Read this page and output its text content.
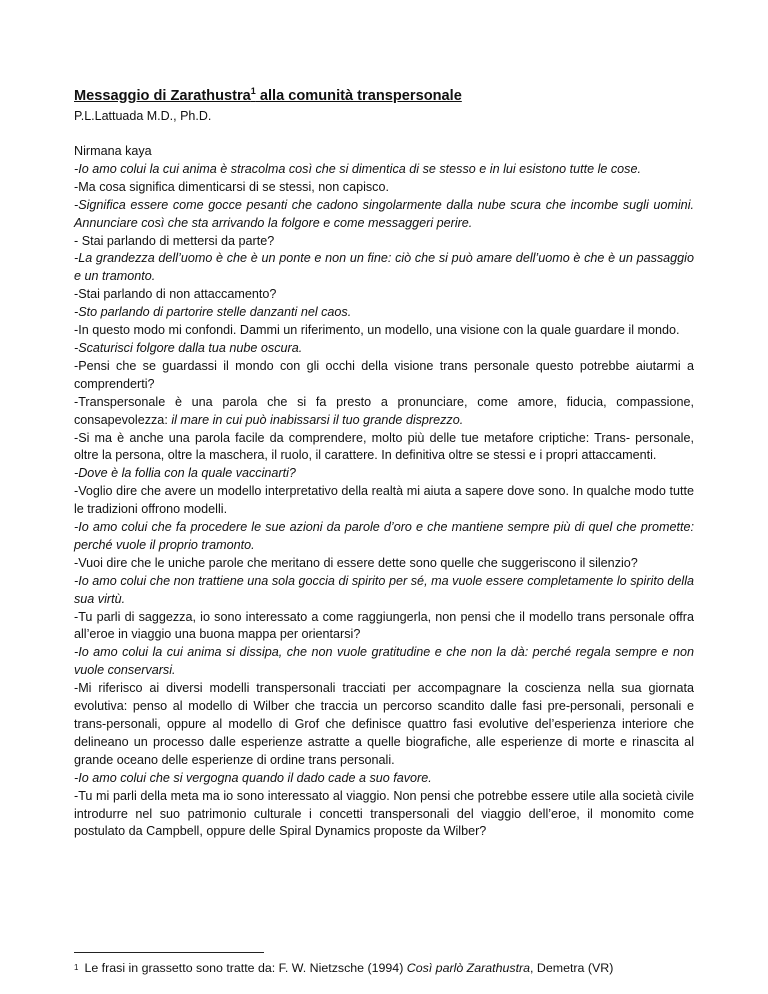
Messaggio di Zarathustra$^1$ alla comunità transpersonale

P.L.Lattuada M.D., Ph.D.

Nirmana kaya

-Io amo colui la cui anima è stracolma così che si dimentica di se stesso e in lui esistono tutte le cose.

-Ma cosa significa dimenticarsi di se stessi, non capisco.

-Significa essere come gocce pesanti che cadono singolarmente dalla nube scura che incombe sugli uomini. Annunciare così che sta arrivando la folgore e come messaggeri perire.

- Stai parlando di mettersi da parte?

-La grandezza dell’uomo è che è un ponte e non un fine: ciò che si può amare dell’uomo è che è un passaggio e un tramonto.

-Stai parlando di non attaccamento?

-Sto parlando di partorire stelle danzanti nel caos.

-In questo modo mi confondi. Dammi un riferimento, un modello, una visione con la quale guardare il mondo.

-Scaturisci folgore dalla tua nube oscura.

-Pensi che se guardassi il mondo con gli occhi della visione trans personale questo potrebbe aiutarmi a comprenderti?

-Transpersonale è una parola che si fa presto a pronunciare, come amore, fiducia, compassione, consapevolezza: il mare in cui può inabissarsi il tuo grande disprezzo.

-Si ma è anche una parola facile da comprendere, molto più delle tue metafore criptiche: Trans- personale, oltre la persona, oltre la maschera, il ruolo, il carattere. In definitiva oltre se stessi e i propri attaccamenti.

-Dove è la follia con la quale vaccinarti?

-Voglio dire che avere un modello interpretativo della realtà mi aiuta a sapere dove sono. In qualche modo tutte le tradizioni offrono modelli.

-Io amo colui che fa procedere le sue azioni da parole d’oro e che mantiene sempre più di quel che promette: perché vuole il proprio tramonto.

-Vuoi dire che le uniche parole che meritano di essere dette sono quelle che suggeriscono il silenzio?

-Io amo colui che non trattiene una sola goccia di spirito per sé, ma vuole essere completamente lo spirito della sua virtù.

-Tu parli di saggezza, io sono interessato a come raggiungerla, non pensi che il modello trans personale offra all’eroe in viaggio una buona mappa per orientarsi?

-Io amo colui la cui anima si dissipa, che non vuole gratitudine e che non la dà: perché regala sempre e non vuole conservarsi.

-Mi riferisco ai diversi modelli transpersonali tracciati per accompagnare la coscienza nella sua giornata evolutiva: penso al modello di Wilber che traccia un percorso scandito dalle fasi pre-personali, personali e trans-personali, oppure al modello di Grof che definisce quattro fasi evolutive del’esperienza interiore che delineano un processo dalle esperienze astratte a quelle biografiche, alle esperienze di morte e rinascita al grande oceano delle esperienze di ordine trans personali.

-Io amo colui che si vergogna quando il dado cade a suo favore.

-Tu mi parli della meta ma io sono interessato al viaggio. Non pensi che potrebbe essere utile alla società civile introdurre nel suo patrimonio culturale i concetti transpersonali del viaggio dell’eroe, il monomito come postulato da Campbell, oppure delle Spiral Dynamics proposte da Wilber?

$^1$ Le frasi in grassetto sono tratte da: F. W. Nietzsche (1994) Così parlò Zarathustra, Demetra (VR)
